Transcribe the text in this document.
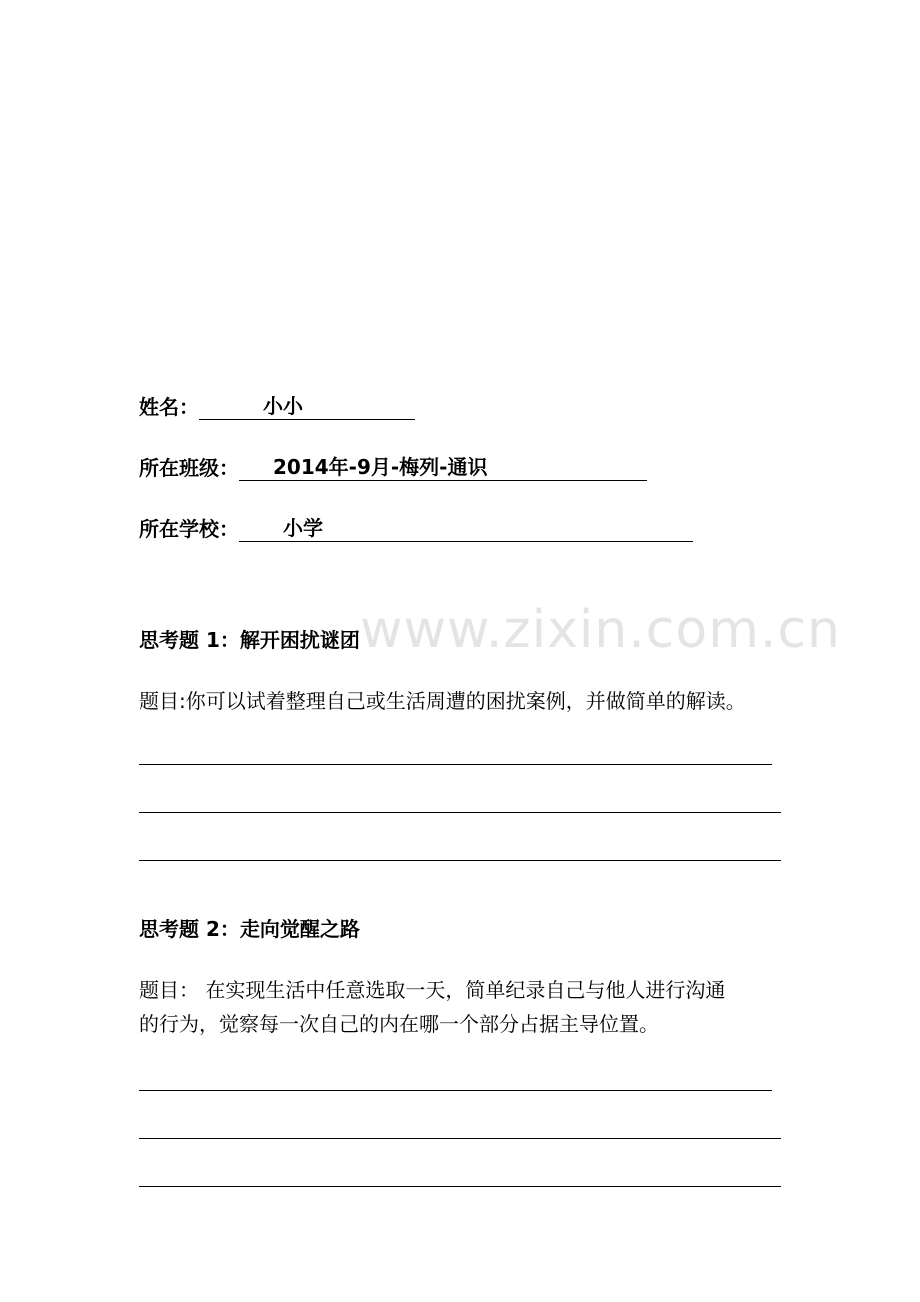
www.zixin.com.cn
姓名：	小小
所在班级： 2014年-9月-梅列-通识
所在学校： 小学
思考题 1：解开困扰谜团

题目:你可以试着整理自己或生活周遭的困扰案例，并做简单的解读。

思考题 2：走向觉醒之路

题目： 在实现生活中任意选取一天，简单纪录自己与他人进行沟通

的行为，觉察每一次自己的内在哪一个部分占据主导位置。
